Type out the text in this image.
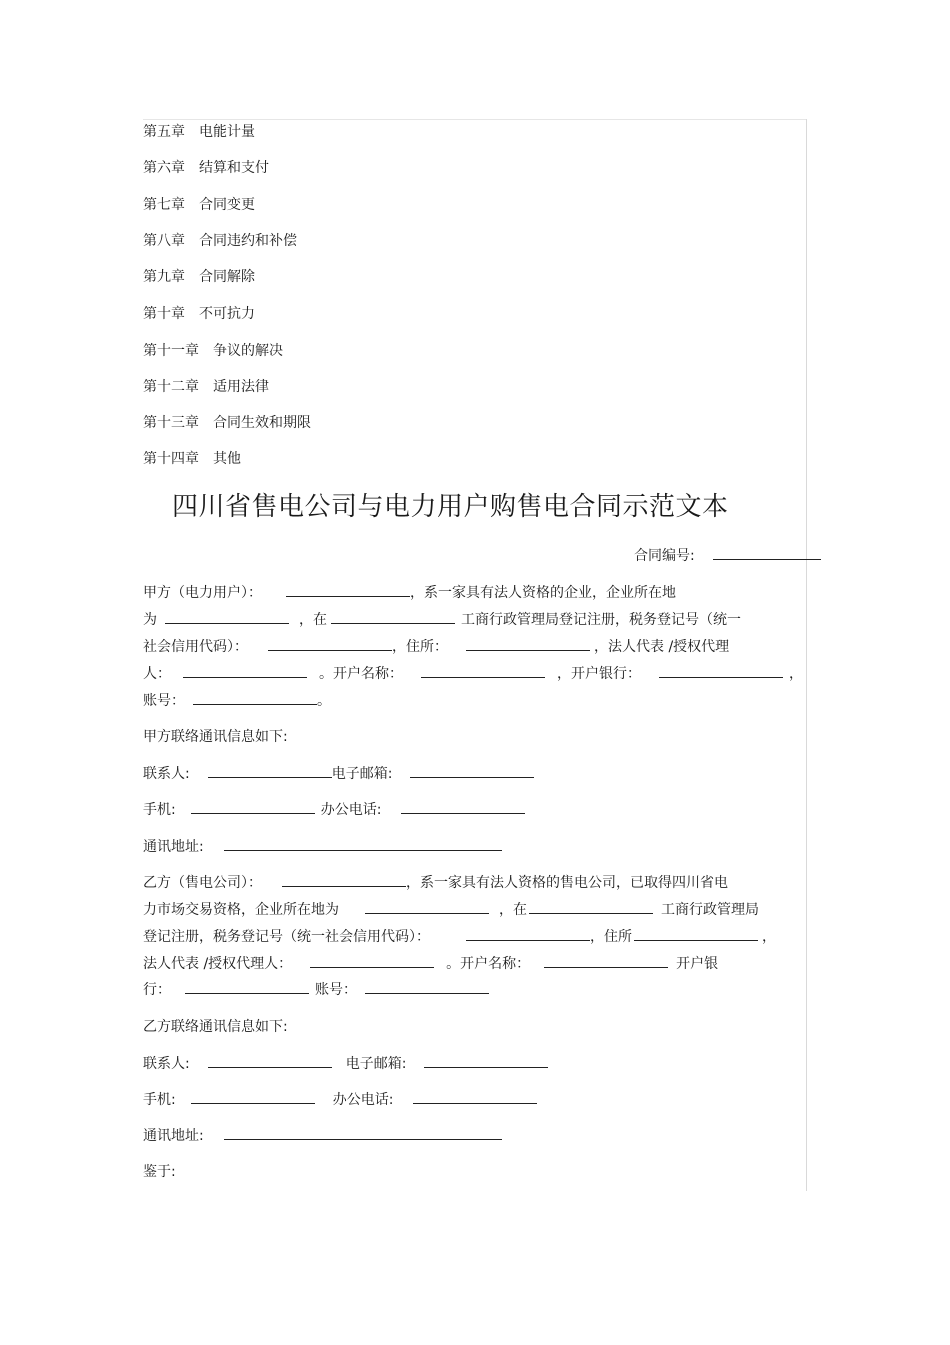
第五章 电能计量
第六章 结算和支付
第七章 合同变更
第八章 合同违约和补偿
第九章 合同解除
第十章 不可抗力
第十一章 争议的解决
第十二章 适用法律
第十三章 合同生效和期限
第十四章 其他
四川省售电公司与电力用户购售电合同示范文本
合同编号:
甲方（电力用户）：	，系一家具有法人资格的企业，企业所在地
为	，在	工商行政管理局登记注册，税务登记号（统一
社会信用代码）：	，住所：	，法人代表 /授权代理
人：	。开户名称：	，开户银行：	，
账号：	。
甲方联络通讯信息如下:
联系人:	电子邮箱:
手机:	办公电话:
通讯地址:
乙方（售电公司）：	，系一家具有法人资格的售电公司，已取得四川省电
力市场交易资格，企业所在地为	，在	工商行政管理局
登记注册，税务登记号（统一社会信用代码）：	，住所	，
法人代表 /授权代理人：	。开户名称：	开户银
行：	账号：
乙方联络通讯信息如下:
联系人:	电子邮箱:
手机:	办公电话:
通讯地址:
鉴于:
